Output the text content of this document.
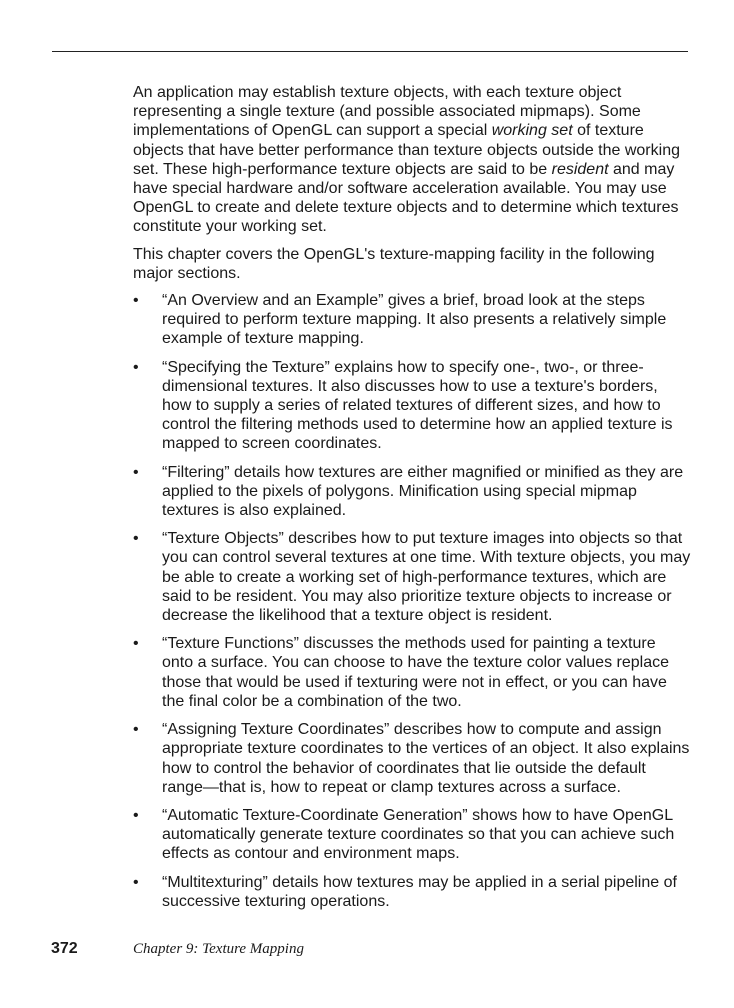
An application may establish texture objects, with each texture object representing a single texture (and possible associated mipmaps). Some implementations of OpenGL can support a special working set of texture objects that have better performance than texture objects outside the working set. These high-performance texture objects are said to be resident and may have special hardware and/or software acceleration available. You may use OpenGL to create and delete texture objects and to determine which textures constitute your working set.

This chapter covers the OpenGL's texture-mapping facility in the following major sections.

• “An Overview and an Example” gives a brief, broad look at the steps required to perform texture mapping. It also presents a relatively simple example of texture mapping.
• “Specifying the Texture” explains how to specify one-, two-, or three-dimensional textures. It also discusses how to use a texture's borders, how to supply a series of related textures of different sizes, and how to control the filtering methods used to determine how an applied texture is mapped to screen coordinates.
• “Filtering” details how textures are either magnified or minified as they are applied to the pixels of polygons. Minification using special mipmap textures is also explained.
• “Texture Objects” describes how to put texture images into objects so that you can control several textures at one time. With texture objects, you may be able to create a working set of high-performance textures, which are said to be resident. You may also prioritize texture objects to increase or decrease the likelihood that a texture object is resident.
• “Texture Functions” discusses the methods used for painting a texture onto a surface. You can choose to have the texture color values replace those that would be used if texturing were not in effect, or you can have the final color be a combination of the two.
• “Assigning Texture Coordinates” describes how to compute and assign appropriate texture coordinates to the vertices of an object. It also explains how to control the behavior of coordinates that lie outside the default range—that is, how to repeat or clamp textures across a surface.
• “Automatic Texture-Coordinate Generation” shows how to have OpenGL automatically generate texture coordinates so that you can achieve such effects as contour and environment maps.
• “Multitexturing” details how textures may be applied in a serial pipeline of successive texturing operations.
372	Chapter 9: Texture Mapping
